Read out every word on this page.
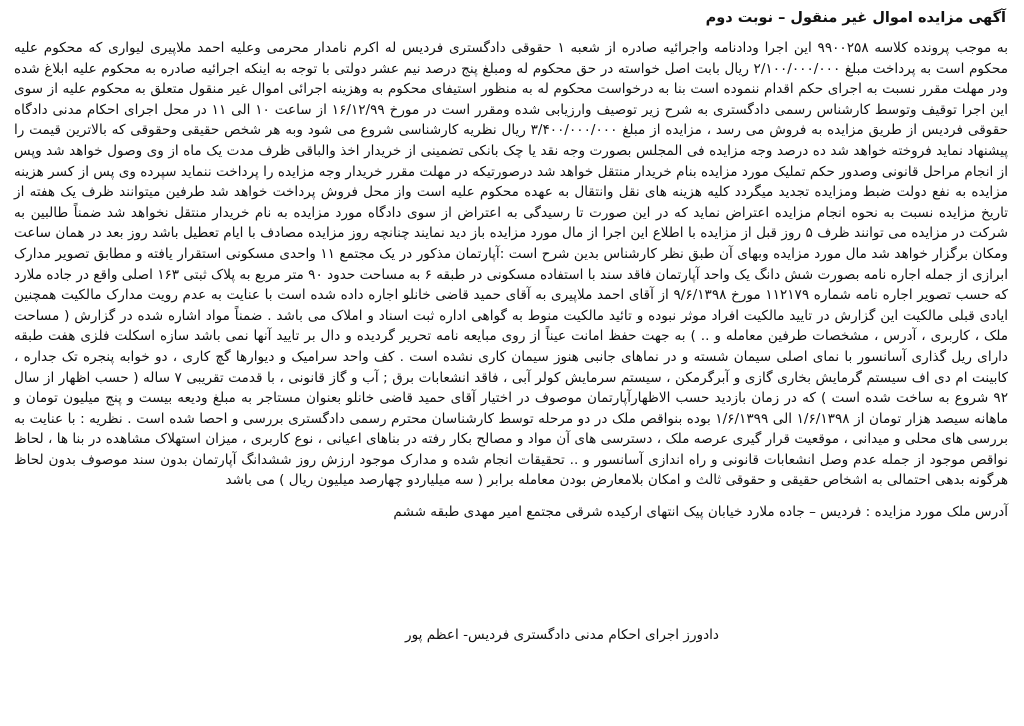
آگهی مزایده اموال غیر منقول – نوبت دوم

به موجب پرونده کلاسه ۹۹۰۰۲۵۸ این اجرا ودادنامه واجرائیه صادره از شعبه ۱ حقوقی دادگستری فردیس له اکرم نامدار محرمی وعلیه احمد ملاپیری لیواری که محکوم علیه محکوم است به پرداخت مبلغ ۲/۱۰۰/۰۰۰/۰۰۰ ریال بابت اصل خواسته در حق محکوم له ومبلغ پنج درصد نیم عشر دولتی با توجه به اینکه اجرائیه صادره به محکوم علیه ابلاغ شده ودر مهلت مقرر نسبت به اجرای حکم اقدام ننموده است بنا به درخواست محکوم له به منظور استیفای محکوم به وهزینه اجرائی اموال غیر منقول متعلق به محکوم علیه از سوی این اجرا توقیف وتوسط کارشناس رسمی دادگستری به شرح زیر توصیف وارزیابی شده ومقرر است در مورخ ۱۶/۱۲/۹۹ از ساعت ۱۰ الی ۱۱ در محل اجرای احکام مدنی دادگاه حقوقی فردیس از طریق مزایده به فروش می رسد ، مزایده از مبلغ ۳/۴۰۰/۰۰۰/۰۰۰ ریال نظریه کارشناسی شروع می شود وبه هر شخص حقیقی وحقوقی که بالاترین قیمت را پیشنهاد نماید فروخته خواهد شد ده درصد وجه مزایده فی المجلس بصورت وجه نقد یا چک بانکی تضمینی از خریدار اخذ والباقی ظرف مدت یک ماه از وی وصول خواهد شد وپس از انجام مراحل قانونی وصدور حکم تملیک مورد مزایده بنام خریدار منتقل خواهد شد درصورتیکه در مهلت مقرر خریدار وجه مزایده را پرداخت ننماید سپرده وی پس از کسر هزینه مزایده به نفع دولت ضبط ومزایده تجدید میگردد کلیه هزینه های نقل وانتقال به عهده محکوم علیه است واز محل فروش پرداخت خواهد شد طرفین میتوانند ظرف یک هفته از تاریخ مزایده نسبت به نحوه انجام مزایده اعتراض نماید که در این صورت تا رسیدگی به اعتراض از سوی دادگاه مورد مزایده به نام خریدار منتقل نخواهد شد ضمناً طالبین به شرکت در مزایده می توانند ظرف ۵ روز قبل از مزایده با اطلاع این اجرا از مال مورد مزایده باز دید نمایند چنانچه روز مزایده مصادف با ایام تعطیل باشد روز بعد در همان ساعت ومکان برگزار خواهد شد مال مورد مزایده وبهای آن طبق نظر کارشناس بدین شرح است :آپارتمان مذکور در یک مجتمع ۱۱ واحدی مسکونی استقرار یافته و مطابق تصویر مدارک ابرازی از جمله اجاره نامه بصورت شش دانگ یک واحد آپارتمان فاقد سند با استفاده مسکونی در طبقه ۶ به مساحت حدود ۹۰ متر مربع به پلاک ثبتی ۱۶۳ اصلی واقع در جاده ملارد که حسب تصویر اجاره نامه شماره ۱۱۲۱۷۹ مورخ ۹/۶/۱۳۹۸ از آقای احمد ملاپیری به آقای حمید قاضی خانلو اجاره داده شده است با عنایت به عدم رویت مدارک مالکیت همچنین ایادی قبلی مالکیت این گزارش در تایید مالکیت افراد موثر نبوده و تائید مالکیت منوط به گواهی اداره ثبت اسناد و املاک می باشد . ضمناً مواد اشاره شده در گزارش ( مساحت ملک ، کاربری ، آدرس ، مشخصات طرفین معامله و .. ) به جهت حفظ امانت عیناً از روی مبایعه نامه تحریر گردیده و دال بر تایید آنها نمی باشد سازه اسکلت فلزی هفت طبقه دارای ریل گذاری آسانسور با نمای اصلی سیمان شسته و در نماهای جانبی هنوز سیمان کاری نشده است . کف واحد سرامیک و دیوارها گچ کاری ، دو خوابه پنجره تک جداره ، کابینت ام دی اف سیستم گرمایش بخاری گازی و آبرگرمکن ، سیستم سرمایش کولر آبی ، فاقد انشعابات برق ; آب و گاز قانونی ، با قدمت تقریبی ۷ ساله ( حسب اظهار از سال ۹۲ شروع به ساخت شده است ) که در زمان بازدید حسب الاظهارآپارتمان موصوف در اختیار آقای حمید قاضی خانلو بعنوان مستاجر به مبلغ ودیعه بیست و پنج میلیون تومان و ماهانه سیصد هزار تومان از ۱/۶/۱۳۹۸ الی ۱/۶/۱۳۹۹ بوده بنواقص ملک در دو مرحله توسط کارشناسان محترم رسمی دادگستری بررسی و احصا شده است . نظریه : با عنایت به بررسی های محلی و میدانی ، موقعیت قرار گیری عرصه ملک ، دسترسی های آن مواد و مصالح بکار رفته در بناهای اعیانی ، نوع کاربری ، میزان استهلاک مشاهده در بنا ها ، لحاظ نواقص موجود از جمله عدم وصل انشعابات قانونی و راه اندازی آسانسور و .. تحقیقات انجام شده و مدارک موجود ارزش روز ششدانگ آپارتمان بدون سند موصوف بدون لحاظ هرگونه بدهی احتمالی به اشخاص حقیقی و حقوقی ثالث و امکان بلامعارض بودن معامله برابر ( سه میلیاردو چهارصد میلیون ریال ) می باشد

آدرس ملک مورد مزایده : فردیس – جاده ملارد خیابان پیک انتهای ارکیده شرقی مجتمع امیر مهدی طبقه ششم

دادورز اجرای احکام مدنی دادگستری فردیس- اعظم پور
